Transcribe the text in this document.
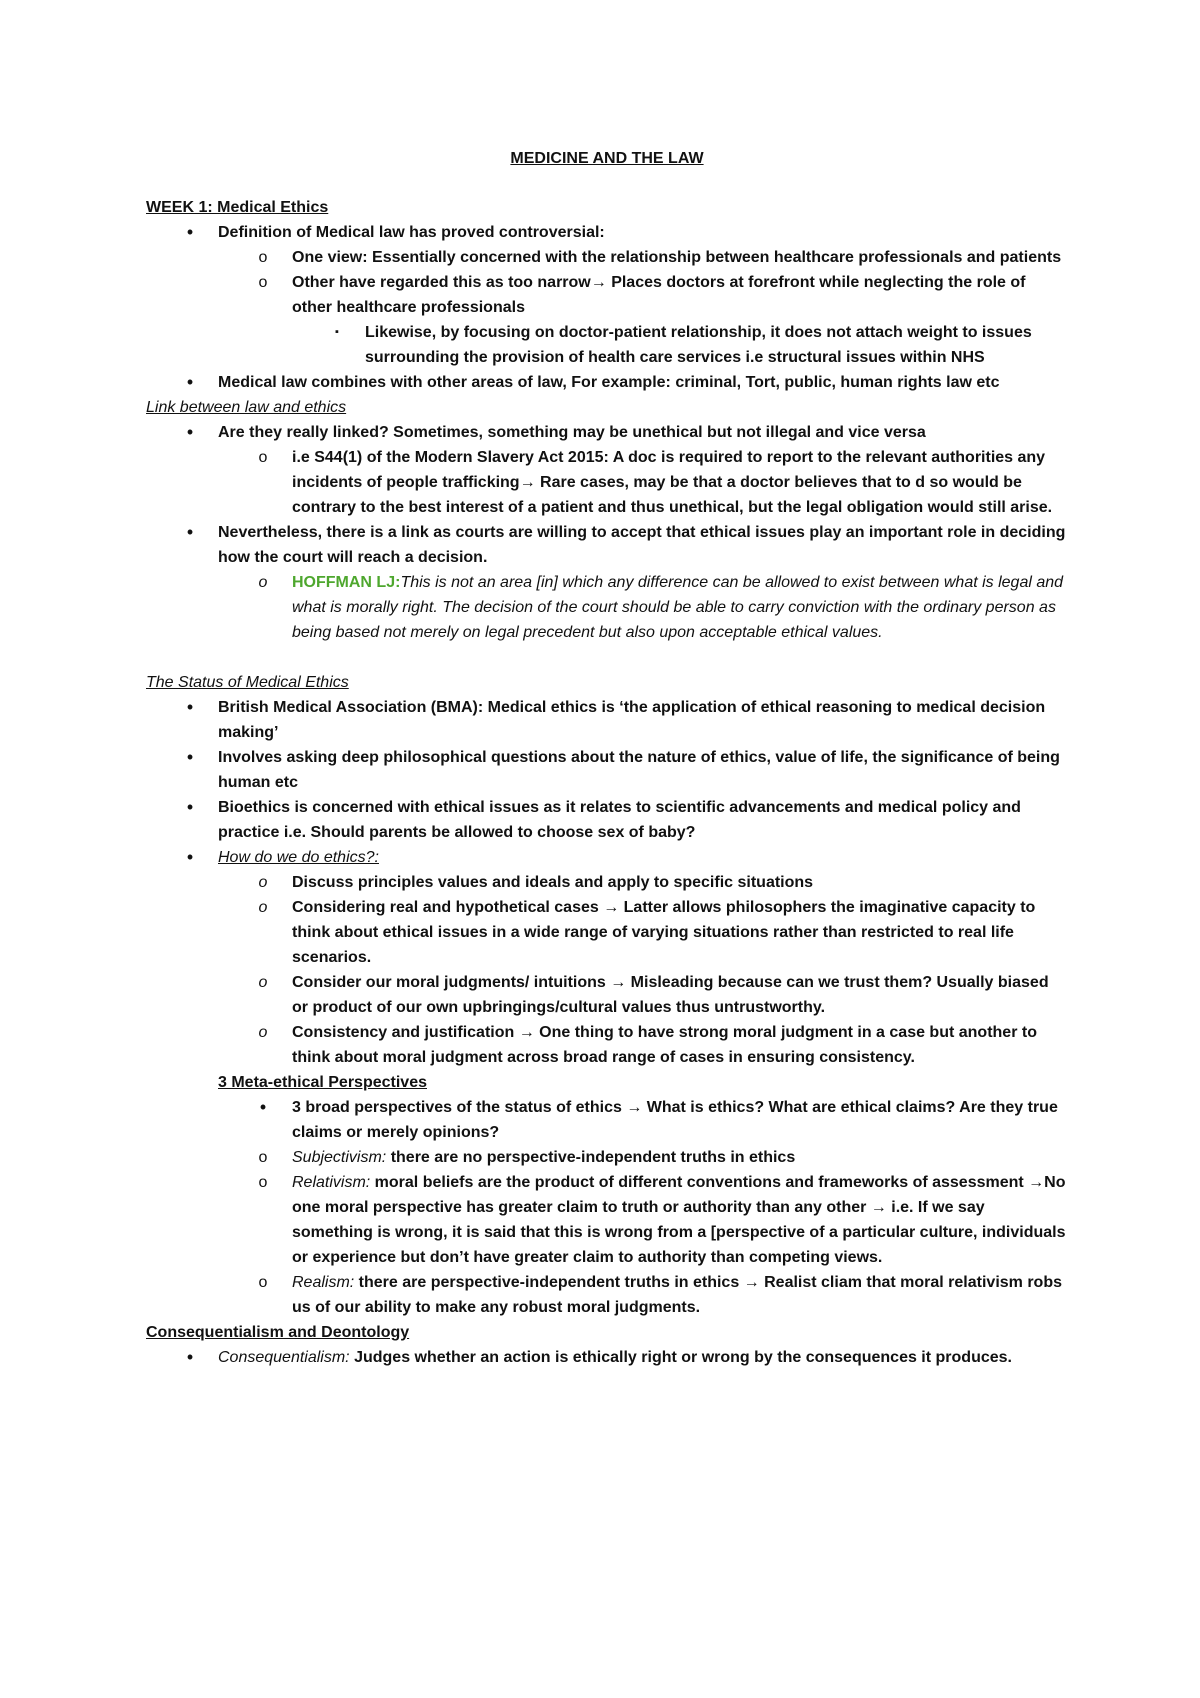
MEDICINE AND THE LAW
WEEK 1: Medical Ethics
•	Definition of Medical law has proved controversial:
o One view: Essentially concerned with the relationship between healthcare professionals and patients
o Other have regarded this as too narrow→ Places doctors at forefront while neglecting the role of other healthcare professionals
▪	Likewise, by focusing on doctor-patient relationship, it does not attach weight to issues surrounding the provision of health care services i.e structural issues within NHS
•	Medical law combines with other areas of law, For example: criminal, Tort, public, human rights law etc
Link between law and ethics
•	Are they really linked? Sometimes, something may be unethical but not illegal and vice versa
o i.e S44(1) of the Modern Slavery Act 2015: A doc is required to report to the relevant authorities any incidents of people trafficking→ Rare cases, may be that a doctor believes that to d so would be contrary to the best interest of a patient and thus unethical, but the legal obligation would still arise.
•	Nevertheless, there is a link as courts are willing to accept that ethical issues play an important role in deciding how the court will reach a decision.
o HOFFMAN LJ:This is not an area [in] which any difference can be allowed to exist between what is legal and what is morally right. The decision of the court should be able to carry conviction with the ordinary person as being based not merely on legal precedent but also upon acceptable ethical values.
The Status of Medical Ethics
•	British Medical Association (BMA): Medical ethics is ‘the application of ethical reasoning to medical decision making’
•	Involves asking deep philosophical questions about the nature of ethics, value of life, the significance of being human etc
•	Bioethics is concerned with ethical issues as it relates to scientific advancements and medical policy and practice i.e. Should parents be allowed to choose sex of baby?
•	How do we do ethics?:
o Discuss principles values and ideals and apply to specific situations
o Considering real and hypothetical cases → Latter allows philosophers the imaginative capacity to think about ethical issues in a wide range of varying situations rather than restricted to real life scenarios.
o Consider our moral judgments/ intuitions → Misleading because can we trust them? Usually biased or product of our own upbringings/cultural values thus untrustworthy.
o Consistency and justification → One thing to have strong moral judgment in a case but another to think about moral judgment across broad range of cases in ensuring consistency.
3 Meta-ethical Perspectives
•	3 broad perspectives of the status of ethics → What is ethics? What are ethical claims? Are they true claims or merely opinions?
o Subjectivism: there are no perspective-independent truths in ethics
o Relativism: moral beliefs are the product of different conventions and frameworks of assessment →No one moral perspective has greater claim to truth or authority than any other → i.e. If we say something is wrong, it is said that this is wrong from a [perspective of a particular culture, individuals or experience but don’t have greater claim to authority than competing views.
o Realism: there are perspective-independent truths in ethics → Realist cliam that moral relativism robs us of our ability to make any robust moral judgments.
Consequentialism and Deontology
•	Consequentialism: Judges whether an action is ethically right or wrong by the consequences it produces.
